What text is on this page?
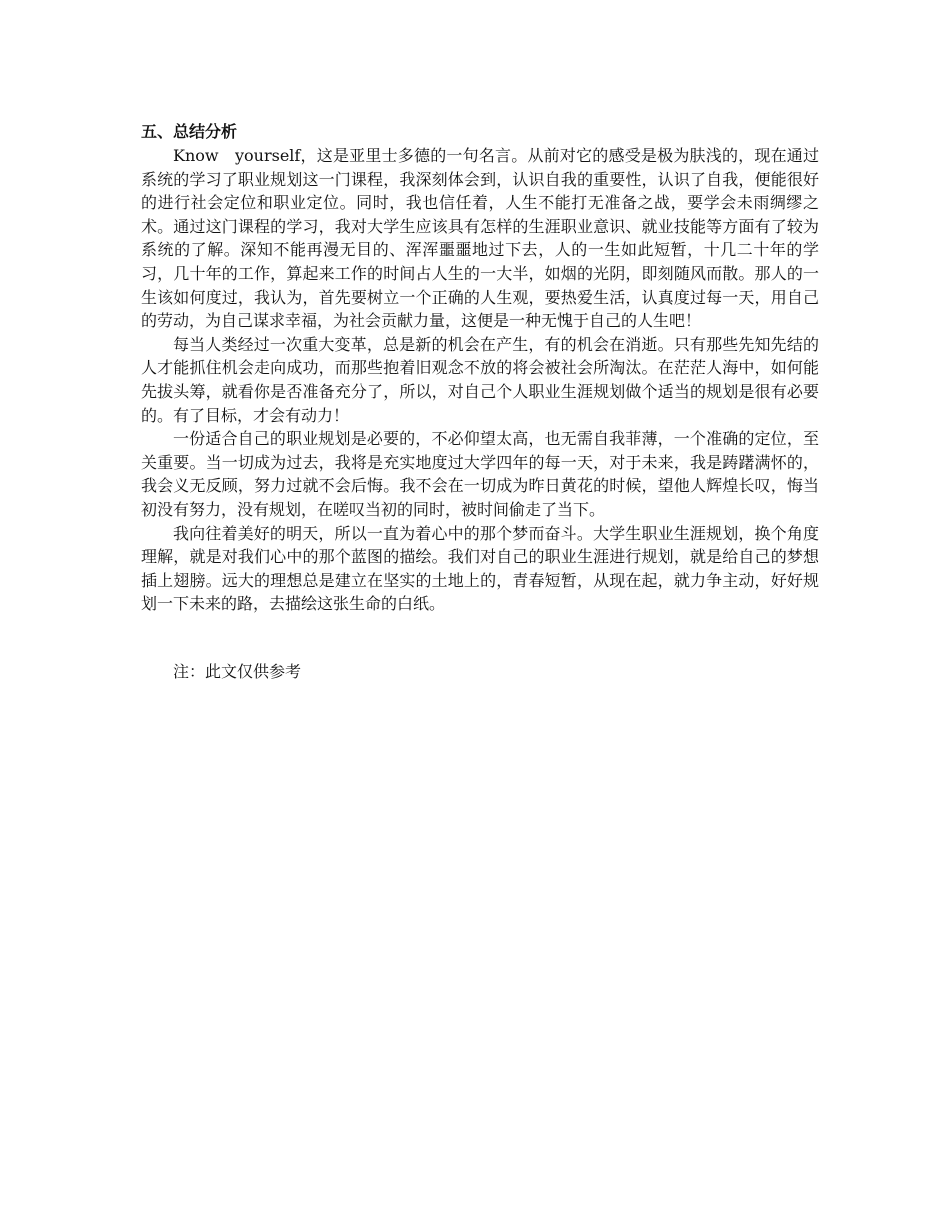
五、总结分析

Know　yourself，这是亚里士多德的一句名言。从前对它的感受是极为肤浅的，现在通过系统的学习了职业规划这一门课程，我深刻体会到，认识自我的重要性，认识了自我，便能很好的进行社会定位和职业定位。同时，我也信任着，人生不能打无准备之战，要学会未雨绸缪之术。通过这门课程的学习，我对大学生应该具有怎样的生涯职业意识、就业技能等方面有了较为系统的了解。深知不能再漫无目的、浑浑噩噩地过下去，人的一生如此短暂，十几二十年的学习，几十年的工作，算起来工作的时间占人生的一大半，如烟的光阴，即刻随风而散。那人的一生该如何度过，我认为，首先要树立一个正确的人生观，要热爱生活，认真度过每一天，用自己的劳动，为自己谋求幸福，为社会贡献力量，这便是一种无愧于自己的人生吧！

每当人类经过一次重大变革，总是新的机会在产生，有的机会在消逝。只有那些先知先结的人才能抓住机会走向成功，而那些抱着旧观念不放的将会被社会所淘汰。在茫茫人海中，如何能先拔头筹，就看你是否准备充分了，所以，对自己个人职业生涯规划做个适当的规划是很有必要的。有了目标，才会有动力！

一份适合自己的职业规划是必要的，不必仰望太高，也无需自我菲薄，一个准确的定位，至关重要。当一切成为过去，我将是充实地度过大学四年的每一天，对于未来，我是踌躇满怀的，我会义无反顾，努力过就不会后悔。我不会在一切成为昨日黄花的时候，望他人辉煌长叹，悔当初没有努力，没有规划，在嗟叹当初的同时，被时间偷走了当下。

我向往着美好的明天，所以一直为着心中的那个梦而奋斗。大学生职业生涯规划，换个角度理解，就是对我们心中的那个蓝图的描绘。我们对自己的职业生涯进行规划，就是给自己的梦想插上翅膀。远大的理想总是建立在坚实的土地上的，青春短暂，从现在起，就力争主动，好好规划一下未来的路，去描绘这张生命的白纸。

注：此文仅供参考
